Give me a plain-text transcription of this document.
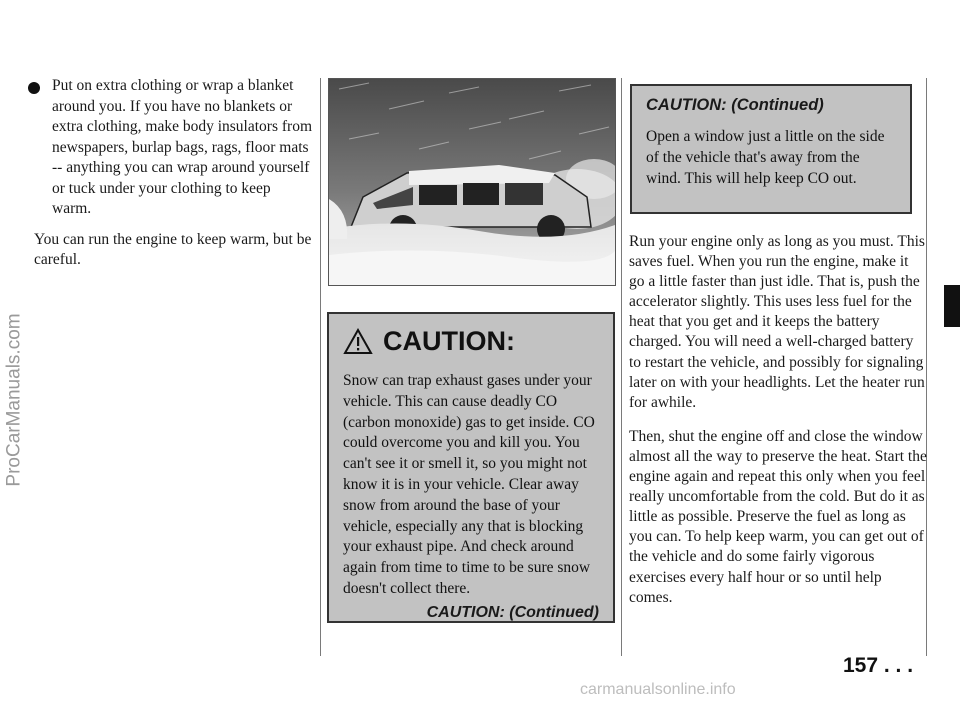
ProCarManuals.com
Put on extra clothing or wrap a blanket around you. If you have no blankets or extra clothing, make body insulators from newspapers, burlap bags, rags, floor mats -- anything you can wrap around yourself or tuck under your clothing to keep warm.

You can run the engine to keep warm, but be careful.

CAUTION:
Snow can trap exhaust gases under your vehicle. This can cause deadly CO (carbon monoxide) gas to get inside. CO could overcome you and kill you. You can't see it or smell it, so you might not know it is in your vehicle. Clear away snow from around the base of your vehicle, especially any that is blocking your exhaust pipe. And check around again from time to time to be sure snow doesn't collect there.
CAUTION: (Continued)
CAUTION: (Continued)
Open a window just a little on the side of the vehicle that's away from the wind. This will help keep CO out.

Run your engine only as long as you must. This saves fuel. When you run the engine, make it go a little faster than just idle. That is, push the accelerator slightly. This uses less fuel for the heat that you get and it keeps the battery charged. You will need a well-charged battery to restart the vehicle, and possibly for signaling later on with your headlights. Let the heater run for awhile.

Then, shut the engine off and close the window almost all the way to preserve the heat. Start the engine again and repeat this only when you feel really uncomfortable from the cold. But do it as little as possible. Preserve the fuel as long as you can. To help keep warm, you can get out of the vehicle and do some fairly vigorous exercises every half hour or so until help comes.

157 . . .
carmanualsonline.info
